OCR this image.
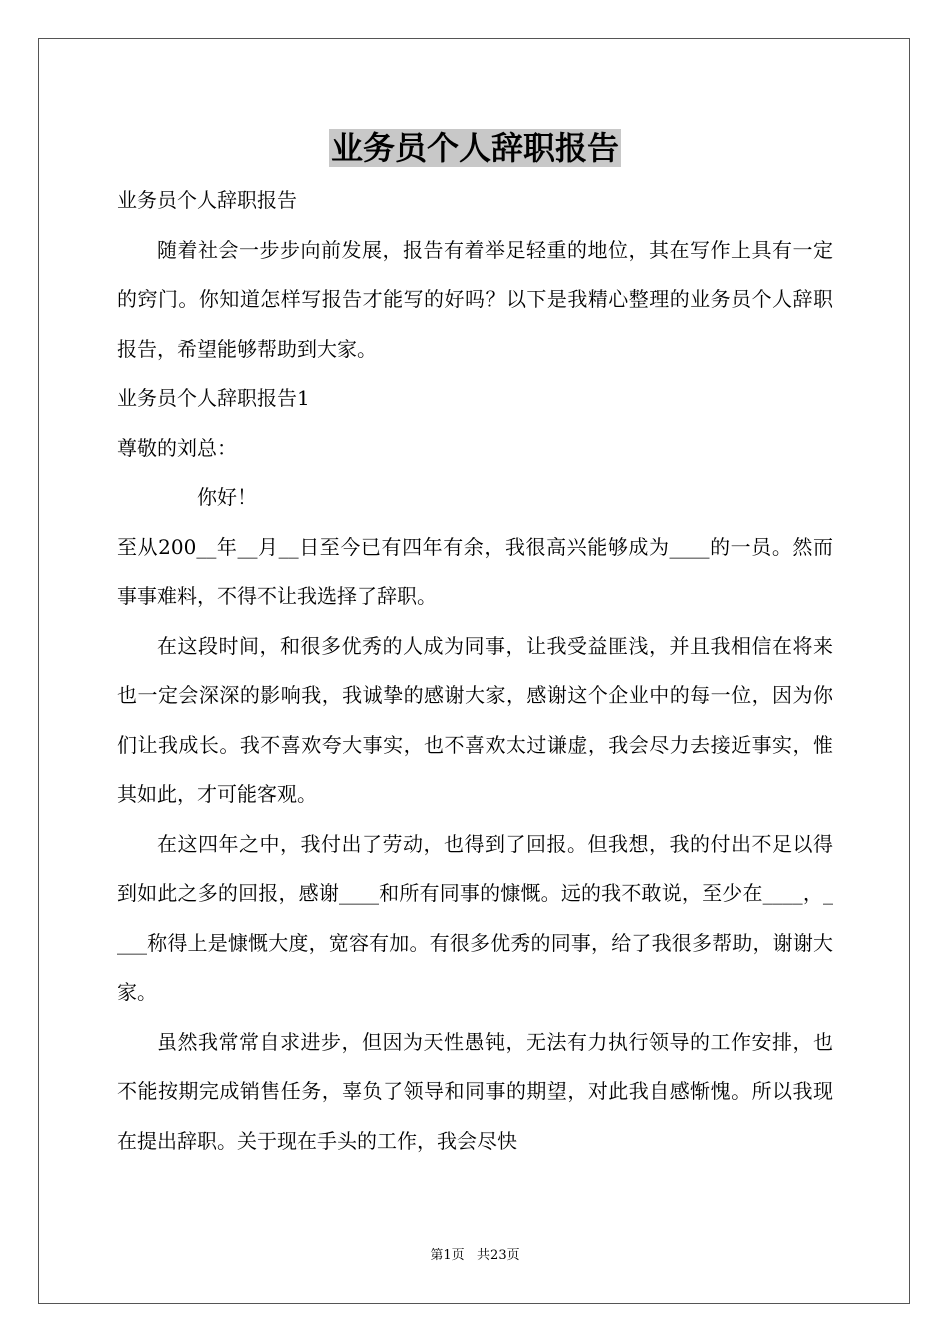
业务员个人辞职报告

业务员个人辞职报告

随着社会一步步向前发展，报告有着举足轻重的地位，其在写作上具有一定的窍门。你知道怎样写报告才能写的好吗？以下是我精心整理的业务员个人辞职报告，希望能够帮助到大家。

业务员个人辞职报告1

尊敬的刘总：

你好！

至从200__年__月__日至今已有四年有余，我很高兴能够成为____的一员。然而事事难料，不得不让我选择了辞职。

在这段时间，和很多优秀的人成为同事，让我受益匪浅，并且我相信在将来也一定会深深的影响我，我诚挚的感谢大家，感谢这个企业中的每一位，因为你们让我成长。我不喜欢夸大事实，也不喜欢太过谦虚，我会尽力去接近事实，惟其如此，才可能客观。

在这四年之中，我付出了劳动，也得到了回报。但我想，我的付出不足以得到如此之多的回报，感谢____和所有同事的慷慨。远的我不敢说，至少在____，____称得上是慷慨大度，宽容有加。有很多优秀的同事，给了我很多帮助，谢谢大家。

虽然我常常自求进步，但因为天性愚钝，无法有力执行领导的工作安排，也不能按期完成销售任务，辜负了领导和同事的期望，对此我自感惭愧。所以我现在提出辞职。关于现在手头的工作，我会尽快

第1页   共23页
